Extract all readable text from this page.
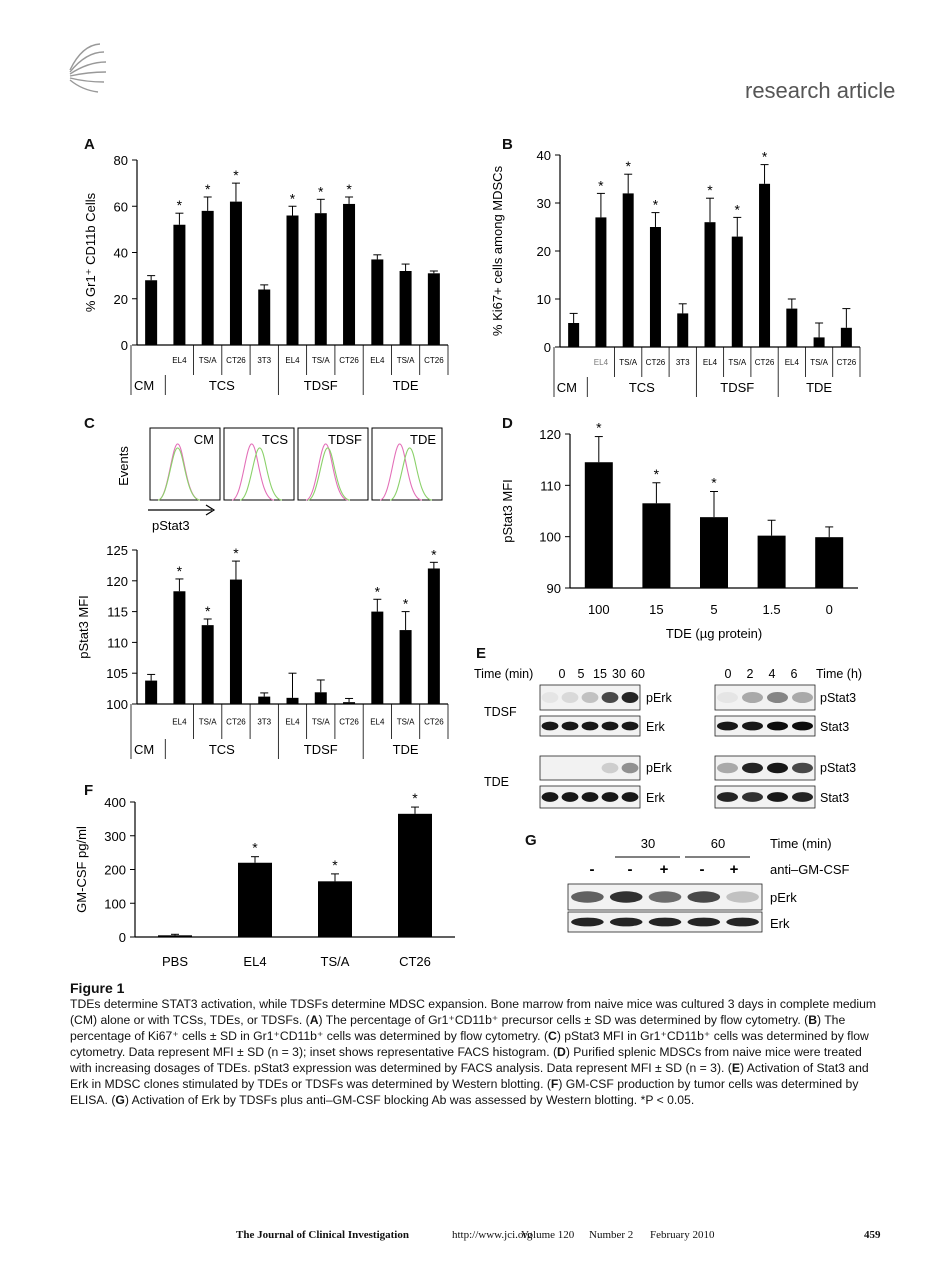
research article
A	B
C	D
E
F
G
0
20
40
60
80
% Gr1⁺ CD11b Cells	*
EL4
*
TS/A
*
CT26 3T3
*
EL4
*
TS/A
*
CT26 EL4 TS/A CT26
CM	TCS	TDSF	TDE
0
10
20
30
40
% Ki67+ cells among MDSCs	*
EL4
*
TS/A
*
CT26 3T3
*
EL4
*
TS/A
*
CT26 EL4 TS/A CT26
CM	TCS	TDSF	TDE
Events
CM	TCS	TDSF	TDE
pStat3
100
105
110
115
120
125
pStat3 MFI
*
EL4
*
TS/A
*
CT26 3T3 EL4 TS/A CT26
*
EL4
*
TS/A
*
CT26
CM	TCS	TDSF	TDE
90
100
110
120
pStat3 MFI
*
100
*
15
*
5	1.5	0
TDE (µg protein)
Time (min) 0 5 15 30 60	0 2 4 6 Time (h)
TDSF
TDE
pErk
Erk
pStat3
Stat3
pErk
Erk
pStat3
Stat3
0
100
200
300
400
GM-CSF pg/ml
PBS
*
EL4
*
TS/A
*
CT26
30	60	Time (min)
- - + - + anti–GM-CSF
pErk
Erk
Figure 1
TDEs determine STAT3 activation, while TDSFs determine MDSC expansion. Bone marrow from naive mice was cultured 3 days in complete medium (CM) alone or with TCSs, TDEs, or TDSFs. (A) The percentage of Gr1⁺CD11b⁺ precursor cells ± SD was determined by flow cytometry. (B) The percentage of Ki67⁺ cells ± SD in Gr1⁺CD11b⁺ cells was determined by flow cytometry. (C) pStat3 MFI in Gr1⁺CD11b⁺ cells was determined by flow cytometry. Data represent MFI ± SD (n = 3); inset shows representative FACS histogram. (D) Purified splenic MDSCs from naive mice were treated with increasing dosages of TDEs. pStat3 expression was determined by FACS analysis. Data represent MFI ± SD (n = 3). (E) Activation of Stat3 and Erk in MDSC clones stimulated by TDEs or TDSFs was determined by Western blotting. (F) GM-CSF production by tumor cells was determined by ELISA. (G) Activation of Erk by TDSFs plus anti–GM-CSF blocking Ab was assessed by Western blotting. *P < 0.05.
The Journal of Clinical Investigation	http://www.jci.org
Volume 120 Number 2 February 2010	459
